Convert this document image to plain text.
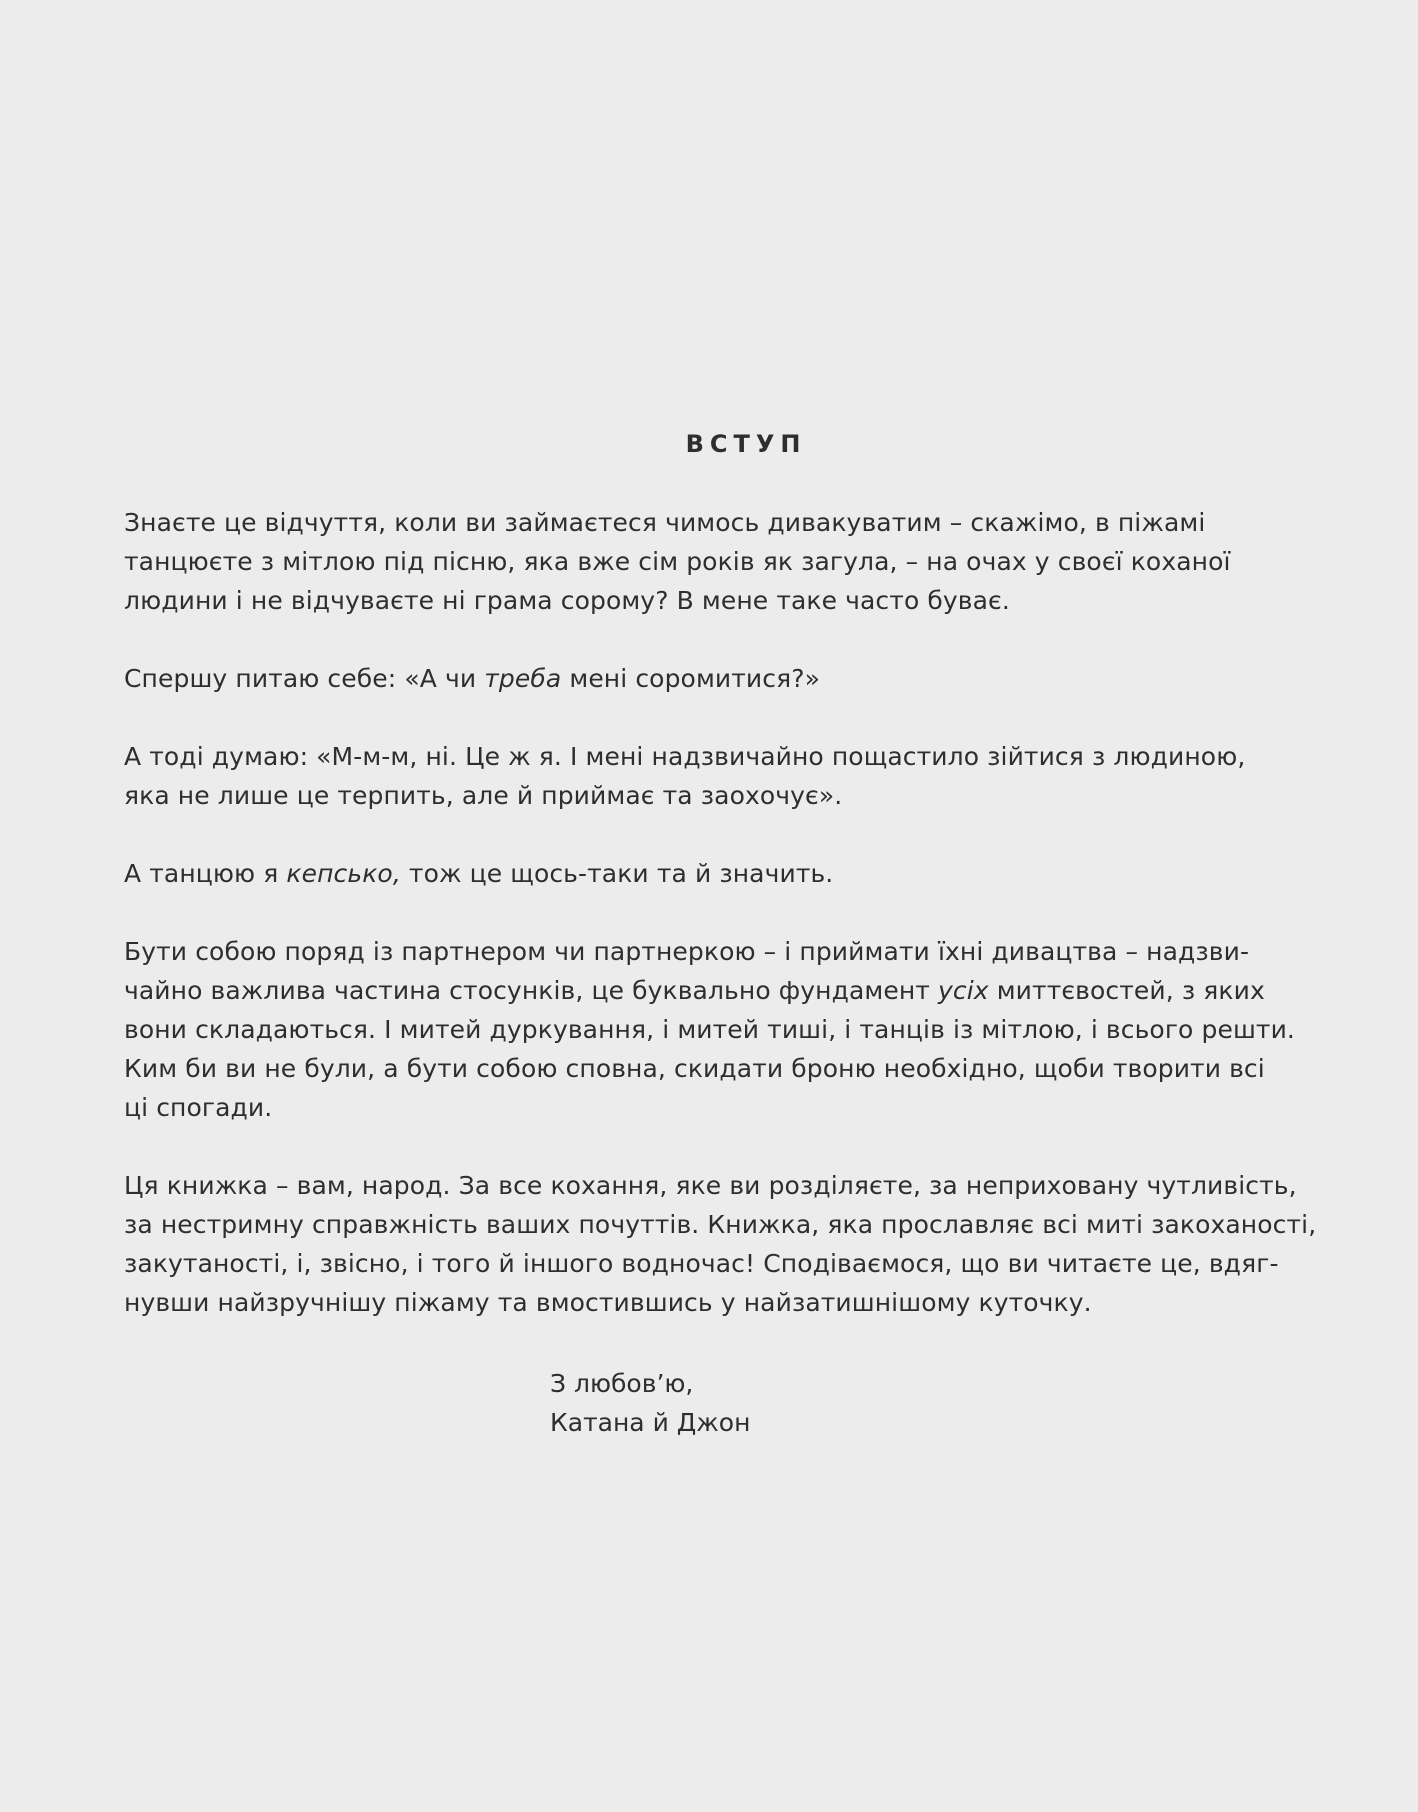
ВСТУП

Знаєте це відчуття, коли ви займаєтеся чимось дивакуватим – скажімо, в піжамі
танцюєте з мітлою під пісню, яка вже сім років як загула, – на очах у своєї коханої
людини і не відчуваєте ні грама сорому? В мене таке часто буває.

Спершу питаю себе: «А чи треба мені соромитися?»

А тоді думаю: «М-м-м, ні. Це ж я. І мені надзвичайно пощастило зійтися з людиною,
яка не лише це терпить, але й приймає та заохочує».

А танцюю я кепсько, тож це щось-таки та й значить.

Бути собою поряд із партнером чи партнеркою – і приймати їхні дивацтва – надзви-
чайно важлива частина стосунків, це буквально фундамент усіх миттєвостей, з яких
вони складаються. І митей дуркування, і митей тиші, і танців із мітлою, і всього решти.
Ким би ви не були, а бути собою сповна, скидати броню необхідно, щоби творити всі
ці спогади.

Ця книжка – вам, народ. За все кохання, яке ви розділяєте, за неприховану чутливість,
за нестримну справжність ваших почуттів. Книжка, яка прославляє всі миті закоханості,
закутаності, і, звісно, і того й іншого водночас! Сподіваємося, що ви читаєте це, вдяг-
нувши найзручнішу піжаму та вмостившись у найзатишнішому куточку.

З любов’ю,
Катана й Джон
